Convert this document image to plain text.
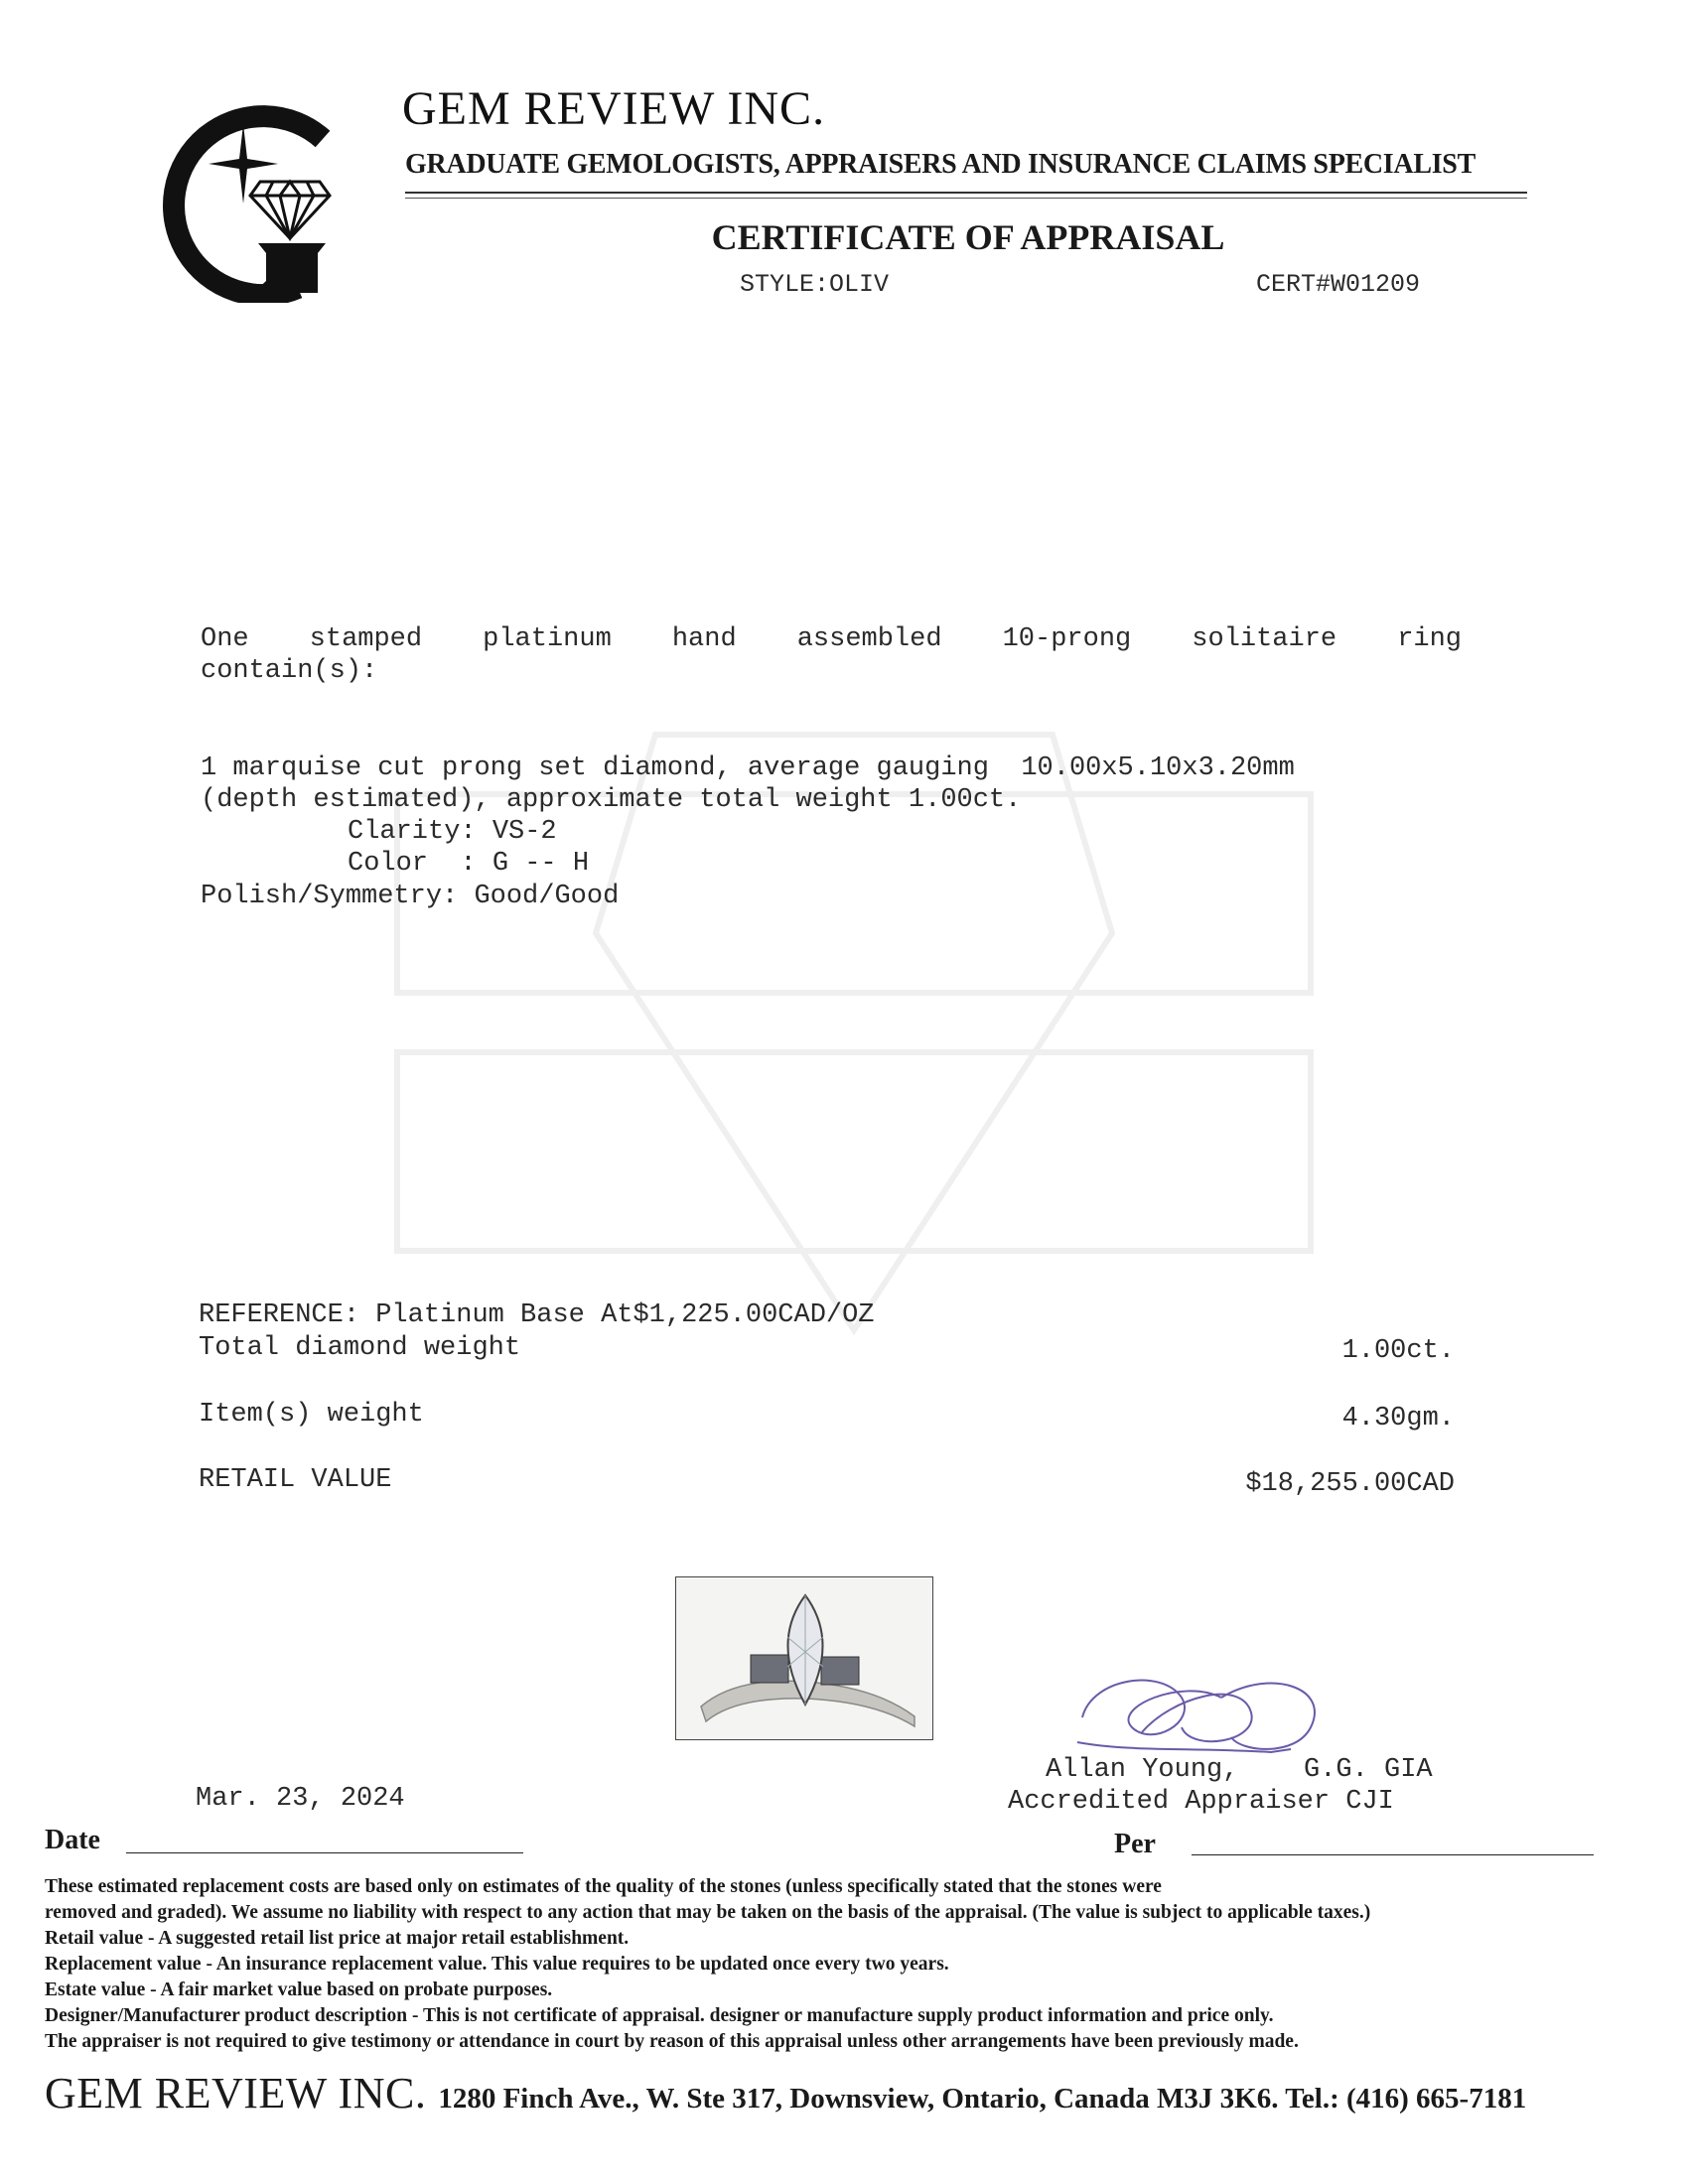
GEM REVIEW INC.
GRADUATE GEMOLOGISTS, APPRAISERS AND INSURANCE CLAIMS SPECIALIST
CERTIFICATE OF APPRAISAL
STYLE:OLIV	CERT#W01209
One stamped platinum hand assembled 10-prong solitaire ring
contain(s):
1 marquise cut prong set diamond, average gauging  10.00x5.10x3.20mm
(depth estimated), approximate total weight 1.00ct.
Clarity: VS-2
Color  : G -- H
Polish/Symmetry: Good/Good
REFERENCE: Platinum Base At$1,225.00CAD/OZ
Total diamond weight	1.00ct.
Item(s) weight	4.30gm.
RETAIL VALUE	$18,255.00CAD
Allan Young, G.G. GIA
Accredited Appraiser CJI
Mar. 23, 2024
Date	Per
These estimated replacement costs are based only on estimates of the quality of the stones (unless specifically stated that the stones were
removed and graded). We assume no liability with respect to any action that may be taken on the basis of the appraisal. (The value is subject to applicable taxes.)
Retail value - A suggested retail list price at major retail establishment.
Replacement value - An insurance replacement value. This value requires to be updated once every two years.
Estate value - A fair market value based on probate purposes.
Designer/Manufacturer product description - This is not certificate of appraisal. designer or manufacture supply product information and price only.
The appraiser is not required to give testimony or attendance in court by reason of this appraisal unless other arrangements have been previously made.
GEM REVIEW INC. 1280 Finch Ave., W. Ste 317, Downsview, Ontario, Canada M3J 3K6. Tel.: (416) 665-7181
